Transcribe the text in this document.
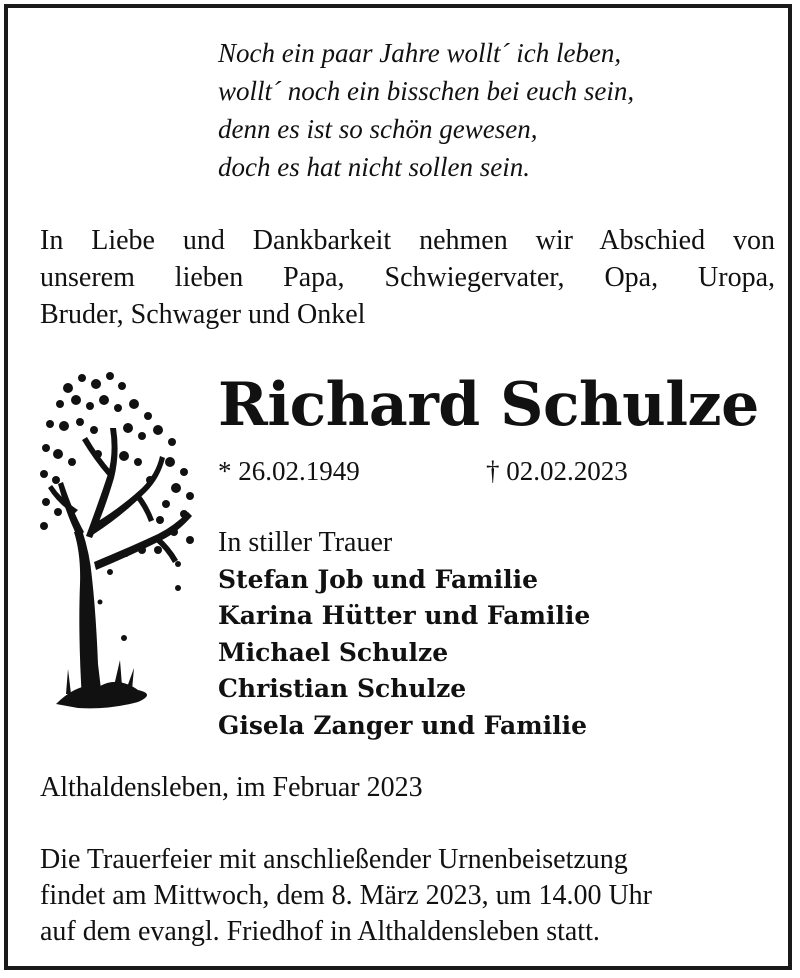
Noch ein paar Jahre wollt´ ich leben,
wollt´ noch ein bisschen bei euch sein,
denn es ist so schön gewesen,
doch es hat nicht sollen sein.
In Liebe und Dankbarkeit nehmen wir Abschied von
unserem lieben Papa, Schwiegervater, Opa, Uropa,
Bruder, Schwager und Onkel
Richard Schulze
* 26.02.1949	† 02.02.2023
In stiller Trauer
Stefan Job und Familie
Karina Hütter und Familie
Michael Schulze
Christian Schulze
Gisela Zanger und Familie
Althaldensleben, im Februar 2023
Die Trauerfeier mit anschließender Urnenbeisetzung
findet am Mittwoch, dem 8. März 2023, um 14.00 Uhr
auf dem evangl. Friedhof in Althaldensleben statt.
